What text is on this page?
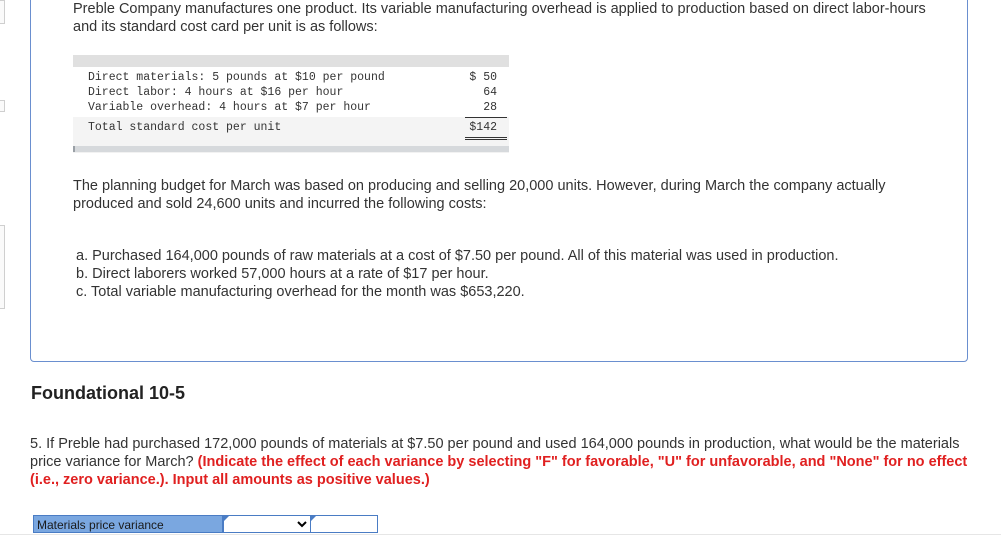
Preble Company manufactures one product. Its variable manufacturing overhead is applied to production based on direct labor-hours and its standard cost card per unit is as follows:

Direct materials: 5 pounds at $10 per pound	$ 50
Direct labor: 4 hours at $16 per hour	64
Variable overhead: 4 hours at $7 per hour	28
Total standard cost per unit	$142

The planning budget for March was based on producing and selling 20,000 units. However, during March the company actually produced and sold 24,600 units and incurred the following costs:

a. Purchased 164,000 pounds of raw materials at a cost of $7.50 per pound. All of this material was used in production.
b. Direct laborers worked 57,000 hours at a rate of $17 per hour.
c. Total variable manufacturing overhead for the month was $653,220.
Foundational 10-5

5. If Preble had purchased 172,000 pounds of materials at $7.50 per pound and used 164,000 pounds in production, what would be the materials price variance for March? (Indicate the effect of each variance by selecting "F" for favorable, "U" for unfavorable, and "None" for no effect (i.e., zero variance.). Input all amounts as positive values.)

Materials price variance
